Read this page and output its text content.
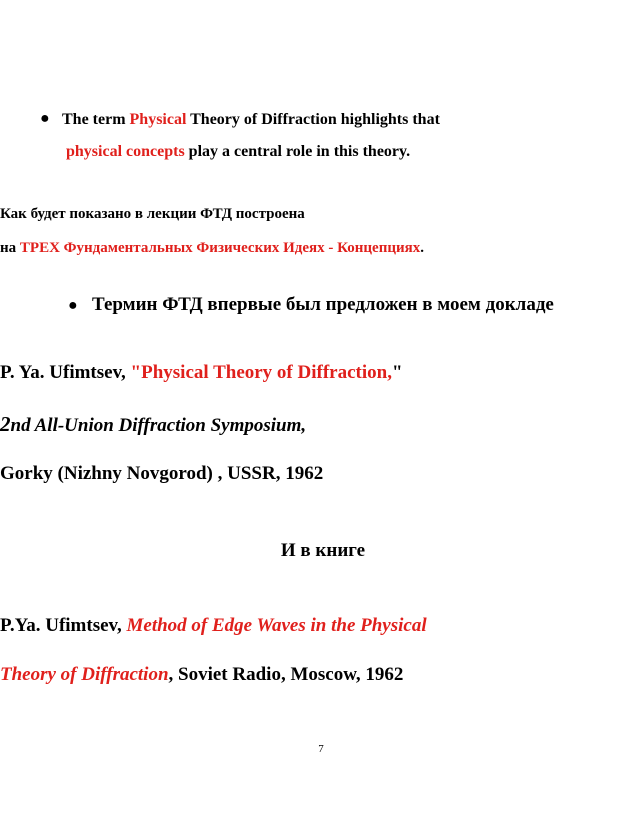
● The term Physical Theory of Diffraction highlights that
physical concepts play a central role in this theory.
Как будет показано в лекции ФТД построена
на ТРЕХ Фундаментальных Физических Идеях - Концепциях.
● Термин ФТД впервые был предложен в моем докладе
P. Ya. Ufimtsev, "Physical Theory of Diffraction,"
2nd All-Union Diffraction Symposium,
Gorky (Nizhny Novgorod) , USSR, 1962
И в книге
P.Ya. Ufimtsev, Method of Edge Waves in the Physical
Theory of Diffraction, Soviet Radio, Moscow, 1962
7
